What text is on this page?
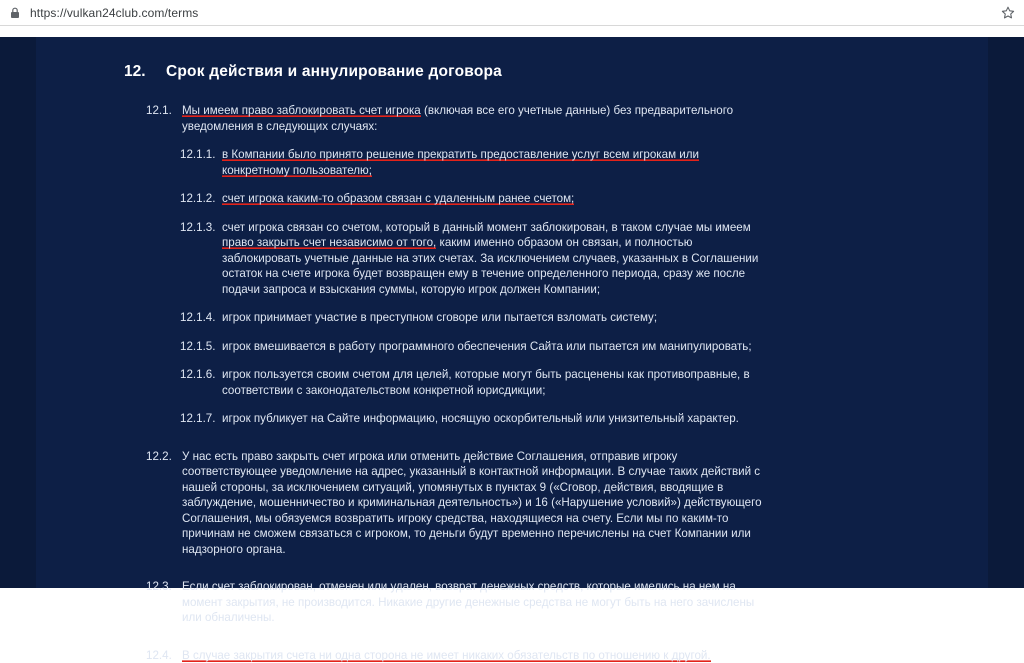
https://vulkan24club.com/terms
12.	Срок действия и аннулирование договора
12.1. Мы имеем право заблокировать счет игрока (включая все его учетные данные) без предварительного уведомления в следующих случаях:
12.1.1. в Компании было принято решение прекратить предоставление услуг всем игрокам или конкретному пользователю;
12.1.2. счет игрока каким-то образом связан с удаленным ранее счетом;
12.1.3. счет игрока связан со счетом, который в данный момент заблокирован, в таком случае мы имеем право закрыть счет независимо от того, каким именно образом он связан, и полностью заблокировать учетные данные на этих счетах. За исключением случаев, указанных в Соглашении остаток на счете игрока будет возвращен ему в течение определенного периода, сразу же после подачи запроса и взыскания суммы, которую игрок должен Компании;
12.1.4. игрок принимает участие в преступном сговоре или пытается взломать систему;
12.1.5. игрок вмешивается в работу программного обеспечения Сайта или пытается им манипулировать;
12.1.6. игрок пользуется своим счетом для целей, которые могут быть расценены как противоправные, в соответствии с законодательством конкретной юрисдикции;
12.1.7. игрок публикует на Сайте информацию, носящую оскорбительный или унизительный характер.
12.2. У нас есть право закрыть счет игрока или отменить действие Соглашения, отправив игроку соответствующее уведомление на адрес, указанный в контактной информации. В случае таких действий с нашей стороны, за исключением ситуаций, упомянутых в пунктах 9 («Сговор, действия, вводящие в заблуждение, мошенничество и криминальная деятельность») и 16 («Нарушение условий») действующего Соглашения, мы обязуемся возвратить игроку средства, находящиеся на счету. Если мы по каким-то причинам не сможем связаться с игроком, то деньги будут временно перечислены на счет Компании или надзорного органа.
12.3. Если счет заблокирован, отменен или удален, возврат денежных средств, которые имелись на нем на момент закрытия, не производится. Никакие другие денежные средства не могут быть на него зачислены или обналичены.
12.4. В случае закрытия счета ни одна сторона не имеет никаких обязательств по отношению к другой.
